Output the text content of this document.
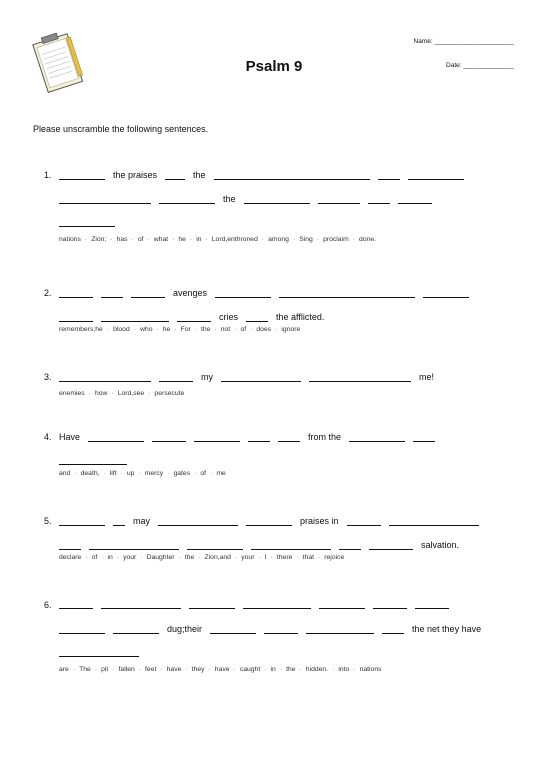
Name: ______________________
Date: ______________
Psalm 9
Please unscramble the following sentences.
1.	the praises	the
the
nations · Zion; · has · of · what · he · in · Lord,enthroned · among · Sing · proclaim · done.
2.	avenges
cries	the afflicted.
remembers;he · blood · who · he · For · the · not · of · does · ignore
3.	my	me!
enemies · how · Lord,see · persecute
4. Have	from the
and · death, · lift · up · mercy · gates · of · me
5.	may	praises in
salvation.
declare · of · in · your · Daughter · the · Zion,and · your · I · there · that · rejoice
6.
dug;their	the net they have
are · The · pit · fallen · feet · have · they · have · caught · in · the · hidden. · into · nations
